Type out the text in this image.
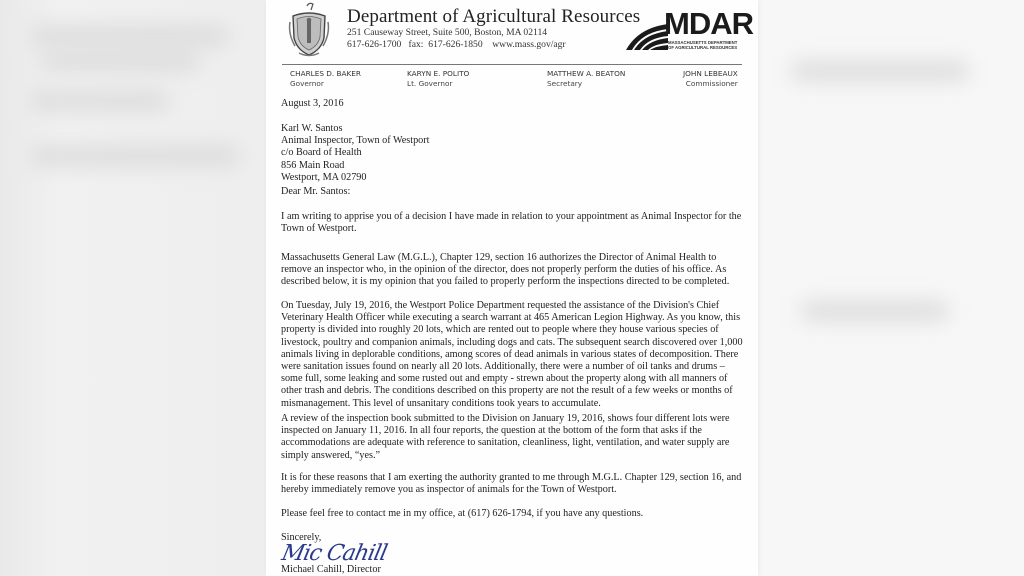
Department of Agricultural Resources
251 Causeway Street, Suite 500, Boston, MA 02114
617-626-1700   fax:  617-626-1850    www.mass.gov/agr
MDAR
MASSACHUSETTS DEPARTMENT
OF AGRICULTURAL RESOURCES
CHARLES D. BAKER
Governor
KARYN E. POLITO
Lt. Governor
MATTHEW A. BEATON
Secretary
JOHN LEBEAUX
Commissioner
August 3, 2016
Karl W. Santos
Animal Inspector, Town of Westport
c/o Board of Health
856 Main Road
Westport, MA 02790
Dear Mr. Santos:

I am writing to apprise you of a decision I have made in relation to your appointment as Animal Inspector for the Town of Westport.

Massachusetts General Law (M.G.L.), Chapter 129, section 16 authorizes the Director of Animal Health to remove an inspector who, in the opinion of the director, does not properly perform the duties of his office. As described below, it is my opinion that you failed to properly perform the inspections directed to be completed.

On Tuesday, July 19, 2016, the Westport Police Department requested the assistance of the Division's Chief Veterinary Health Officer while executing a search warrant at 465 American Legion Highway. As you know, this property is divided into roughly 20 lots, which are rented out to people where they house various species of livestock, poultry and companion animals, including dogs and cats. The subsequent search discovered over 1,000 animals living in deplorable conditions, among scores of dead animals in various states of decomposition. There were sanitation issues found on nearly all 20 lots. Additionally, there were a number of oil tanks and drums – some full, some leaking and some rusted out and empty - strewn about the property along with all manners of other trash and debris. The conditions described on this property are not the result of a few weeks or months of mismanagement. This level of unsanitary conditions took years to accumulate.

A review of the inspection book submitted to the Division on January 19, 2016, shows four different lots were inspected on January 11, 2016. In all four reports, the question at the bottom of the form that asks if the accommodations are adequate with reference to sanitation, cleanliness, light, ventilation, and water supply are simply answered, “yes.”

It is for these reasons that I am exerting the authority granted to me through M.G.L. Chapter 129, section 16, and hereby immediately remove you as inspector of animals for the Town of Westport.

Please feel free to contact me in my office, at (617) 626-1794, if you have any questions.

Sincerely,
Mic Cahill
Michael Cahill, Director
